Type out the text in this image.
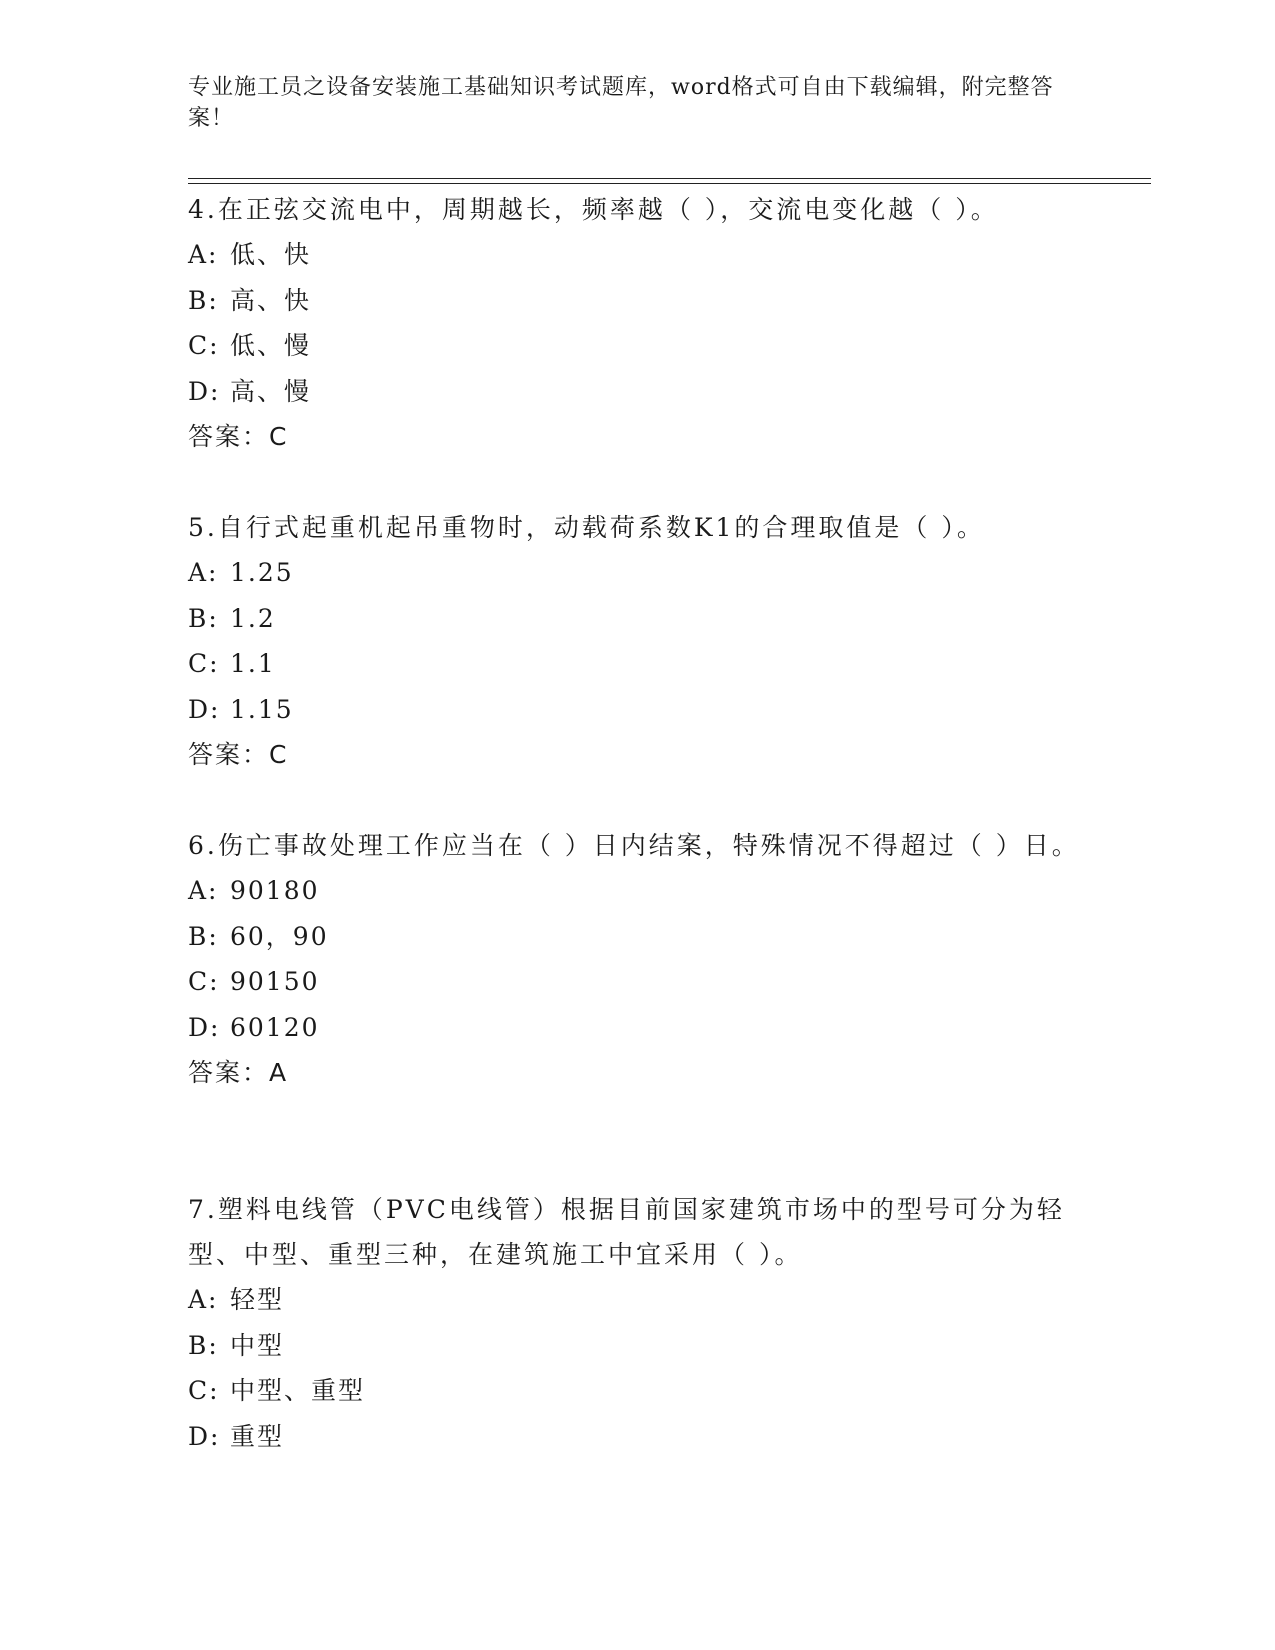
专业施工员之设备安装施工基础知识考试题库，word格式可自由下载编辑，附完整答案！

4.在正弦交流电中，周期越长，频率越（ ），交流电变化越（ ）。

A: 低、快
B: 高、快
C: 低、慢
D: 高、慢
答案：C

5.自行式起重机起吊重物时，动载荷系数K1的合理取值是（ ）。

A: 1.25
B: 1.2
C: 1.1
D: 1.15
答案：C

6.伤亡事故处理工作应当在（ ）日内结案，特殊情况不得超过（ ）日。

A: 90180
B: 60，90
C: 90150
D: 60120
答案：A

7.塑料电线管（PVC电线管）根据目前国家建筑市场中的型号可分为轻型、中型、重型三种，在建筑施工中宜采用（ ）。

A: 轻型
B: 中型
C: 中型、重型
D: 重型
